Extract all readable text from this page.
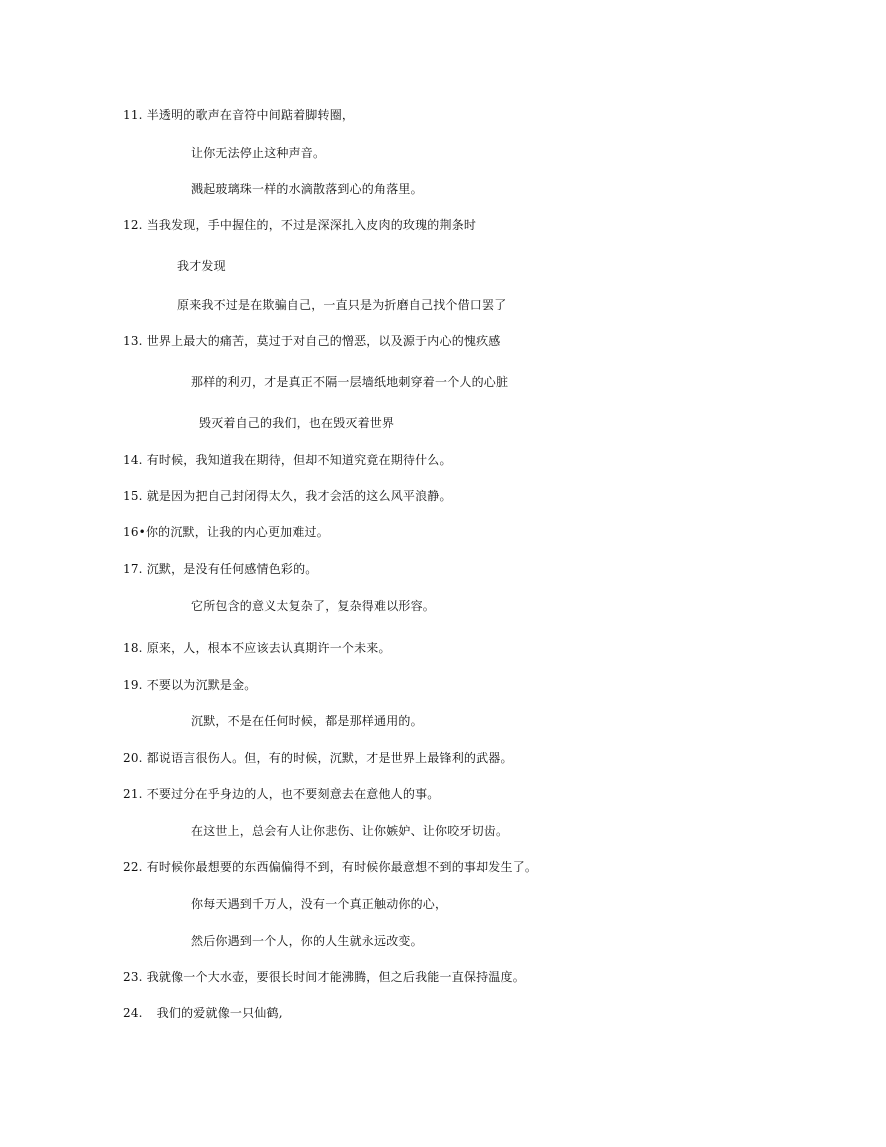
11. 半透明的歌声在音符中间踮着脚转圈，
让你无法停止这种声音。
溅起玻璃珠一样的水滴散落到心的角落里。
12. 当我发现，手中握住的，不过是深深扎入皮肉的玫瑰的荆条时
我才发现
原来我不过是在欺骗自己，一直只是为折磨自己找个借口罢了
13. 世界上最大的痛苦，莫过于对自己的憎恶，以及源于内心的愧疚感
那样的利刃，才是真正不隔一层墙纸地刺穿着一个人的心脏
毁灭着自己的我们，也在毁灭着世界
14. 有时候，我知道我在期待，但却不知道究竟在期待什么。
15. 就是因为把自己封闭得太久，我才会活的这么风平浪静。
16•你的沉默，让我的内心更加难过。
17. 沉默，是没有任何感情色彩的。
它所包含的意义太复杂了，复杂得难以形容。
18. 原来，人，根本不应该去认真期许一个未来。
19. 不要以为沉默是金。
沉默，不是在任何时候，都是那样通用的。
20. 都说语言很伤人。但，有的时候，沉默，才是世界上最锋利的武器。
21. 不要过分在乎身边的人，也不要刻意去在意他人的事。
在这世上，总会有人让你悲伤、让你嫉妒、让你咬牙切齿。
22. 有时候你最想要的东西偏偏得不到，有时候你最意想不到的事却发生了。
你每天遇到千万人，没有一个真正触动你的心，
然后你遇到一个人，你的人生就永远改变。
23. 我就像一个大水壶，要很长时间才能沸腾，但之后我能一直保持温度。
24. 我们的爱就像一只仙鹤,
